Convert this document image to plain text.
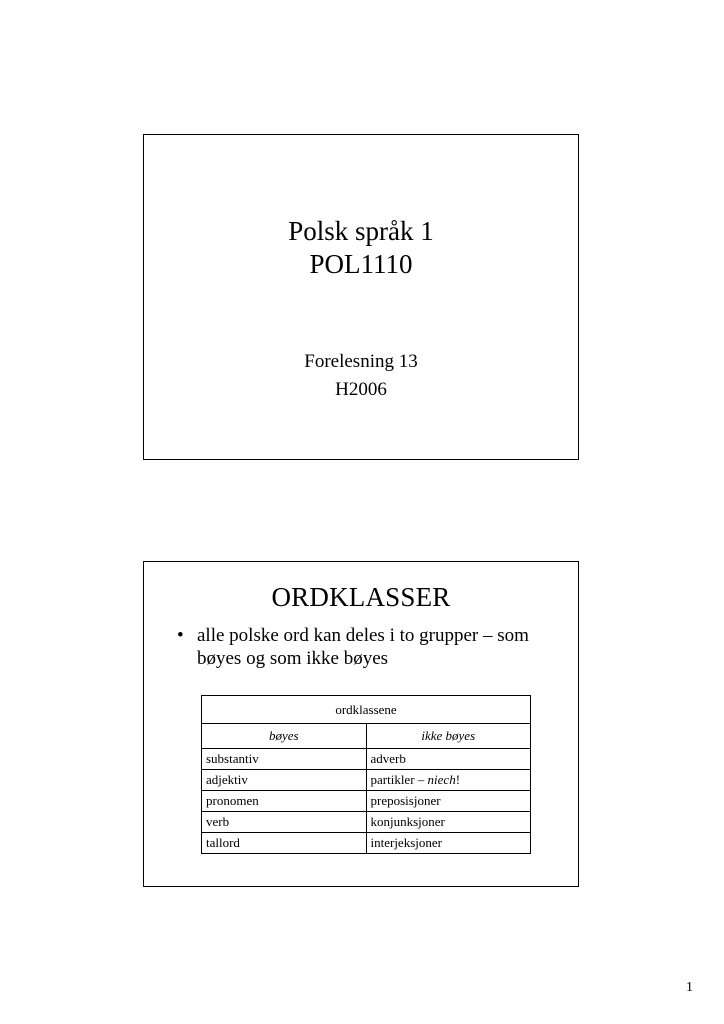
Polsk språk 1
POL1110
Forelesning 13
H2006
ORDKLASSER
• alle polske ord kan deles i to grupper – som bøyes og som ikke bøyes
ordklassene	
bøyes	ikke bøyes
substantiv	adverb
adjektiv	partikler – niech!
pronomen	preposisjoner
verb	konjunksjoner
tallord	interjeksjoner
1
